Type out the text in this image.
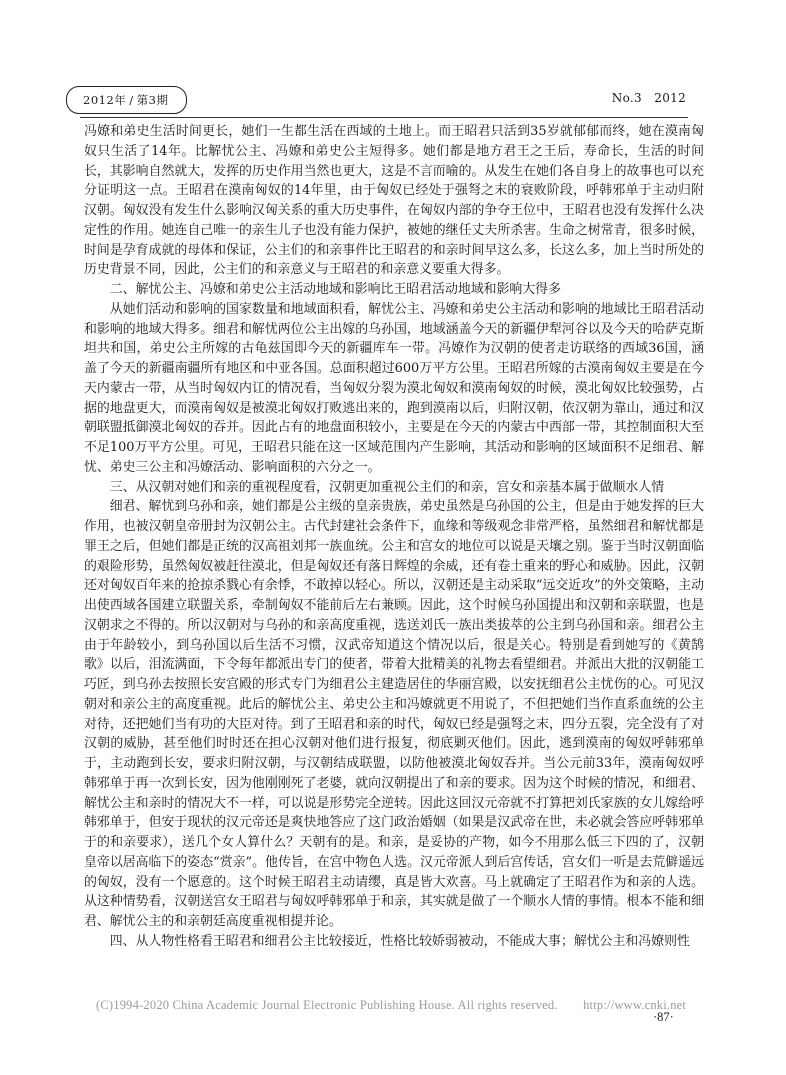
2012年 / 第3期	No.3　2012

冯嫽和弟史生活时间更长，她们一生都生活在西域的土地上。而王昭君只活到35岁就郁郁而终，她在漠南匈奴只生活了14年。比解忧公主、冯嫽和弟史公主短得多。她们都是地方君王之王后，寿命长，生活的时间长，其影响自然就大，发挥的历史作用当然也更大，这是不言而喻的。从发生在她们各自身上的故事也可以充分证明这一点。王昭君在漠南匈奴的14年里，由于匈奴已经处于强弩之末的衰败阶段，呼韩邪单于主动归附汉朝。匈奴没有发生什么影响汉匈关系的重大历史事件，在匈奴内部的争夺王位中，王昭君也没有发挥什么决定性的作用。她连自己唯一的亲生儿子也没有能力保护，被她的继任丈夫所杀害。生命之树常青，很多时候，时间是孕育成就的母体和保证，公主们的和亲事件比王昭君的和亲时间早这么多，长这么多，加上当时所处的历史背景不同，因此，公主们的和亲意义与王昭君的和亲意义要重大得多。

二、解忧公主、冯嫽和弟史公主活动地域和影响比王昭君活动地域和影响大得多

从她们活动和影响的国家数量和地域面积看，解忧公主、冯嫽和弟史公主活动和影响的地域比王昭君活动和影响的地域大得多。细君和解忧两位公主出嫁的乌孙国，地域涵盖今天的新疆伊犁河谷以及今天的哈萨克斯坦共和国，弟史公主所嫁的古龟兹国即今天的新疆库车一带。冯嫽作为汉朝的使者走访联络的西域36国，涵盖了今天的新疆南疆所有地区和中亚各国。总面积超过600万平方公里。王昭君所嫁的古漠南匈奴主要是在今天内蒙古一带，从当时匈奴内讧的情况看，当匈奴分裂为漠北匈奴和漠南匈奴的时候，漠北匈奴比较强势，占据的地盘更大，而漠南匈奴是被漠北匈奴打败逃出来的，跑到漠南以后，归附汉朝，依汉朝为靠山，通过和汉朝联盟抵御漠北匈奴的吞并。因此占有的地盘面积较小，主要是在今天的内蒙古中西部一带，其控制面积大至不足100万平方公里。可见，王昭君只能在这一区域范围内产生影响，其活动和影响的区域面积不足细君、解忧、弟史三公主和冯嫽活动、影响面积的六分之一。

三、从汉朝对她们和亲的重视程度看，汉朝更加重视公主们的和亲，宫女和亲基本属于做顺水人情

细君、解忧到乌孙和亲，她们都是公主级的皇亲贵族，弟史虽然是乌孙国的公主，但是由于她发挥的巨大作用，也被汉朝皇帝册封为汉朝公主。古代封建社会条件下，血缘和等级观念非常严格，虽然细君和解忧都是罪王之后，但她们都是正统的汉高祖刘邦一族血统。公主和宫女的地位可以说是天壤之别。鉴于当时汉朝面临的艰险形势，虽然匈奴被赶往漠北，但是匈奴还有落日辉煌的余威，还有卷土重来的野心和威胁。因此，汉朝还对匈奴百年来的抢掠杀戮心有余悸，不敢掉以轻心。所以，汉朝还是主动采取“远交近攻”的外交策略，主动出使西域各国建立联盟关系，牵制匈奴不能前后左右兼顾。因此，这个时候乌孙国提出和汉朝和亲联盟，也是汉朝求之不得的。所以汉朝对与乌孙的和亲高度重视，选送刘氏一族出类拔萃的公主到乌孙国和亲。细君公主由于年龄较小，到乌孙国以后生活不习惯，汉武帝知道这个情况以后，很是关心。特别是看到她写的《黄鹄歌》以后，泪流满面，下令每年都派出专门的使者，带着大批精美的礼物去看望细君。并派出大批的汉朝能工巧匠，到乌孙去按照长安宫殿的形式专门为细君公主建造居住的华丽宫殿，以安抚细君公主忧伤的心。可见汉朝对和亲公主的高度重视。此后的解忧公主、弟史公主和冯嫽就更不用说了，不但把她们当作直系血统的公主对待，还把她们当有功的大臣对待。到了王昭君和亲的时代，匈奴已经是强弩之末，四分五裂，完全没有了对汉朝的威胁，甚至他们时时还在担心汉朝对他们进行报复，彻底剿灭他们。因此，逃到漠南的匈奴呼韩邪单于，主动跑到长安，要求归附汉朝，与汉朝结成联盟，以防他被漠北匈奴吞并。当公元前33年，漠南匈奴呼韩邪单于再一次到长安，因为他刚刚死了老婆，就向汉朝提出了和亲的要求。因为这个时候的情况，和细君、解忧公主和亲时的情况大不一样，可以说是形势完全逆转。因此这回汉元帝就不打算把刘氏家族的女儿嫁给呼韩邪单于，但安于现状的汉元帝还是爽快地答应了这门政治婚姻（如果是汉武帝在世，未必就会答应呼韩邪单于的和亲要求），送几个女人算什么？天朝有的是。和亲，是妥协的产物，如今不用那么低三下四的了，汉朝皇帝以居高临下的姿态“赏亲”。他传旨，在宫中物色人选。汉元帝派人到后宫传话，宫女们一听是去荒僻遥远的匈奴，没有一个愿意的。这个时候王昭君主动请缨，真是皆大欢喜。马上就确定了王昭君作为和亲的人选。从这种情势看，汉朝送宫女王昭君与匈奴呼韩邪单于和亲，其实就是做了一个顺水人情的事情。根本不能和细君、解忧公主的和亲朝廷高度重视相提并论。

四、从人物性格看王昭君和细君公主比较接近，性格比较娇弱被动，不能成大事；解忧公主和冯嫽则性

(C)1994-2020 China Academic Journal Electronic Publishing House. All rights reserved.　　http://www.cnki.net
·87·
